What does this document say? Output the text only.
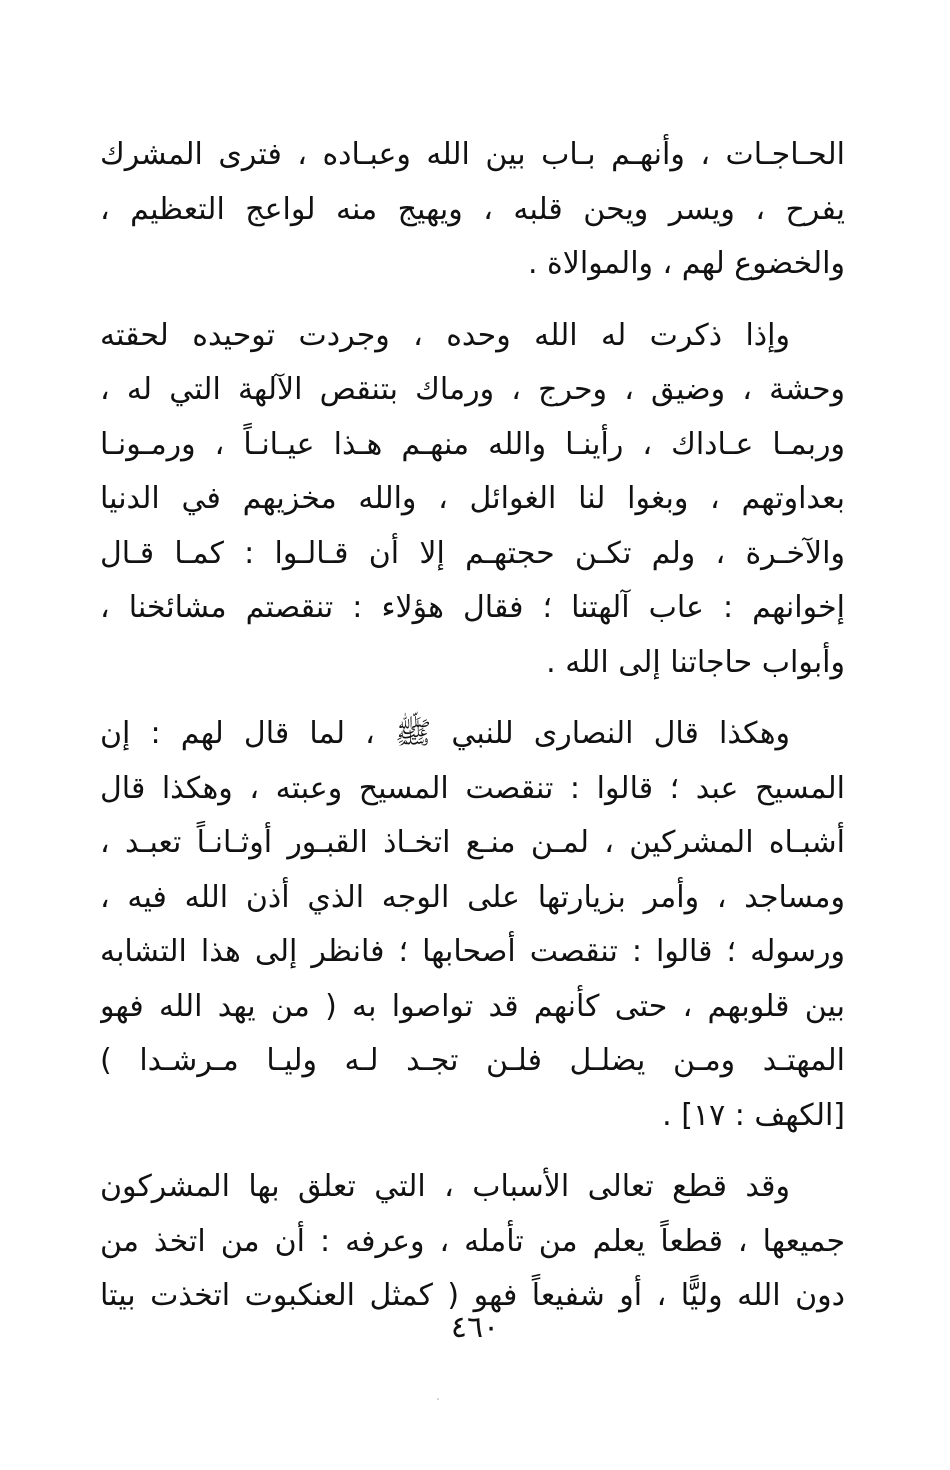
الحـاجـات ، وأنهـم بـاب بين الله وعبـاده ، فترى المشرك
يفرح ، ويسر ويحن قلبه ، ويهيج منه لواعج التعظيم ،
والخضوع لهم ، والموالاة .
وإذا ذكرت له الله وحده ، وجردت توحيده لحقته
وحشة ، وضيق ، وحرج ، ورماك بتنقص الآلهة التي له ،
وربمـا عـاداك ، رأينـا والله منهـم هـذا عيـانـاً ، ورمـونـا
بعداوتهم ، وبغوا لنا الغوائل ، والله مخزيهم في الدنيا
والآخـرة ، ولم تكـن حجتهـم إلا أن قـالـوا : كمـا قـال
إخوانهم : عاب آلهتنا ؛ فقال هؤلاء : تنقصتم مشائخنا ،
وأبواب حاجاتنا إلى الله .
وهكذا قال النصارى للنبي ﷺ ، لما قال لهم : إن
المسيح عبد ؛ قالوا : تنقصت المسيح وعبته ، وهكذا قال
أشبـاه المشركين ، لمـن منـع اتخـاذ القبـور أوثـانـاً تعبـد ،
ومساجد ، وأمر بزيارتها على الوجه الذي أذن الله فيه ،
ورسوله ؛ قالوا : تنقصت أصحابها ؛ فانظر إلى هذا التشابه
بين قلوبهم ، حتى كأنهم قد تواصوا به ( من يهد الله فهو
المهتـد ومـن يضلـل فلـن تجـد لـه وليـا مـرشـدا )
[الكهف : ١٧] .
وقد قطع تعالى الأسباب ، التي تعلق بها المشركون
جميعها ، قطعاً يعلم من تأمله ، وعرفه : أن من اتخذ من
دون الله وليًّا ، أو شفيعاً فهو ( كمثل العنكبوت اتخذت بيتا
٤٦٠
